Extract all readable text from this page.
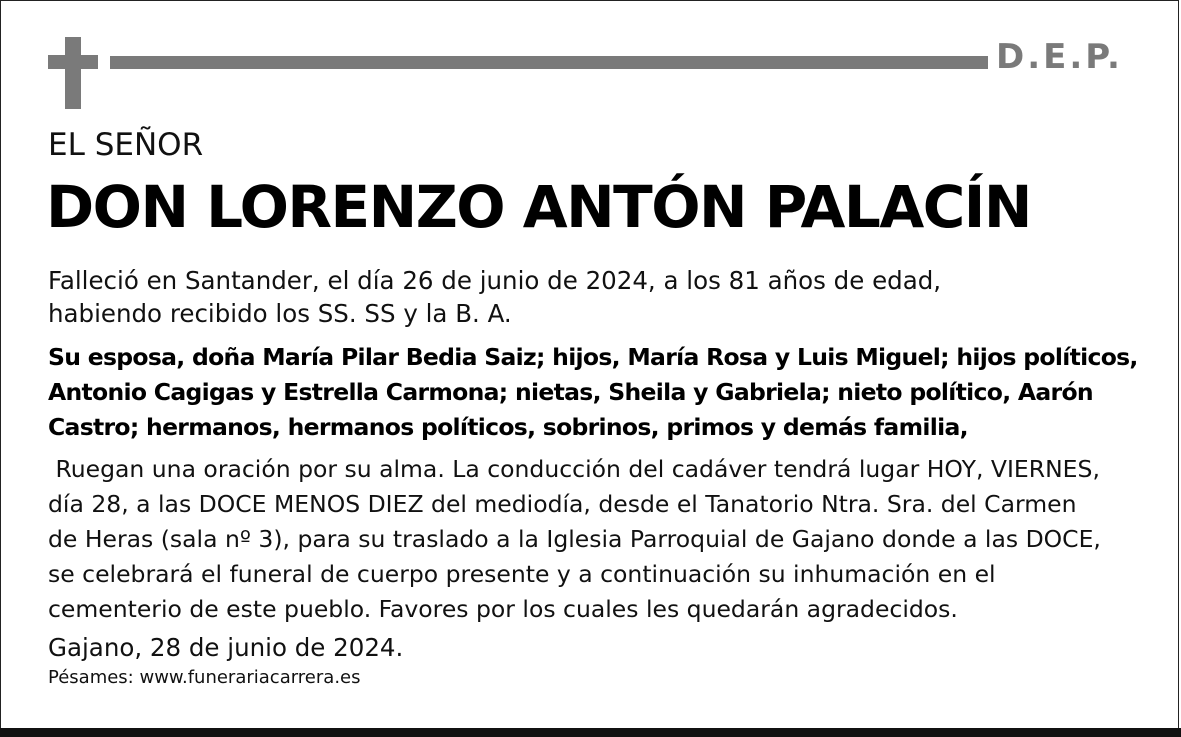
D.E.P.
EL SEÑOR
DON LORENZO ANTÓN PALACÍN
Falleció en Santander, el día 26 de junio de 2024, a los 81 años de edad,
habiendo recibido los SS. SS y la B. A.
Su esposa, doña María Pilar Bedia Saiz; hijos, María Rosa y Luis Miguel; hijos políticos,
Antonio Cagigas y Estrella Carmona; nietas, Sheila y Gabriela; nieto político, Aarón
Castro; hermanos, hermanos políticos, sobrinos, primos y demás familia,
Ruegan una oración por su alma. La conducción del cadáver tendrá lugar HOY, VIERNES,
día 28, a las DOCE MENOS DIEZ del mediodía, desde el Tanatorio Ntra. Sra. del Carmen
de Heras (sala nº 3), para su traslado a la Iglesia Parroquial de Gajano donde a las DOCE,
se celebrará el funeral de cuerpo presente y a continuación su inhumación en el
cementerio de este pueblo. Favores por los cuales les quedarán agradecidos.
Gajano, 28 de junio de 2024.
Pésames: www.funerariacarrera.es
